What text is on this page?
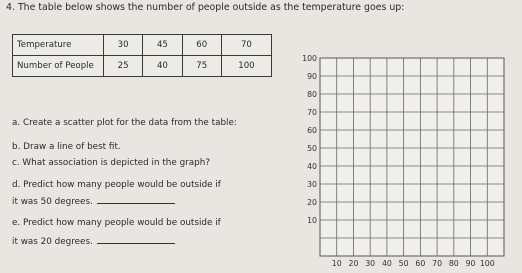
4. The table below shows the number of people outside as the temperature goes up:
Temperature	30	45	60	70
Number of People	25	40	75	100
a. Create a scatter plot for the data from the table:
b. Draw a line of best fit.
c. What association is depicted in the graph?
d. Predict how many people would be outside if
it was 50 degrees.
e. Predict how many people would be outside if
it was 20 degrees.
100
90
80
70
60
50
40
30
20
10
10 20 30 40 50 60 70 80 90 100
